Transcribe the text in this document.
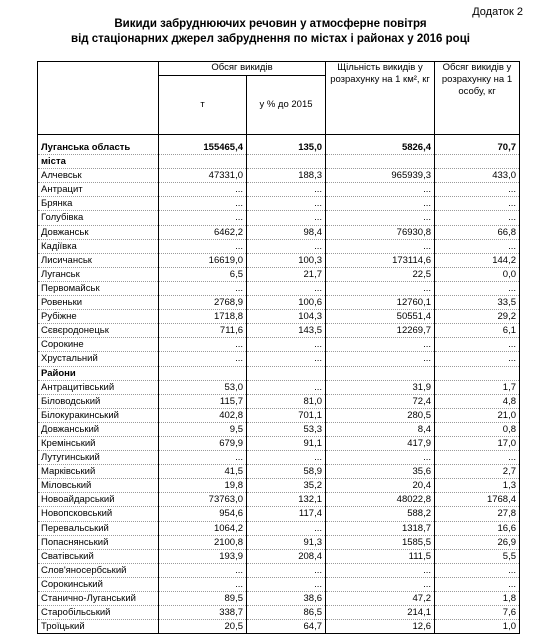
Додаток 2
Викиди забруднюючих речовин у атмосферне повітря
від стаціонарних джерел забруднення по містах і районах у 2016 році
	Обсяг викидів		Щільність викидів у розрахунку на 1 км², кг	Обсяг викидів у розрахунку на 1 особу, кг
	т	у % до 2015		
Луганська область	155465,4	135,0	5826,4	70,7
міста				
Алчевськ	47331,0	188,3	965939,3	433,0
Антрацит	...	...	...	...
Брянка	...	...	...	...
Голубівка	...	...	...	...
Довжанськ	6462,2	98,4	76930,8	66,8
Кадіївка	...	...	...	...
Лисичанськ	16619,0	100,3	173114,6	144,2
Луганськ	6,5	21,7	22,5	0,0
Первомайськ	...	...	...	...
Ровеньки	2768,9	100,6	12760,1	33,5
Рубіжне	1718,8	104,3	50551,4	29,2
Сєвєродонецьк	711,6	143,5	12269,7	6,1
Сорокине	...	...	...	...
Хрустальний	...	...	...	...
Райони				
Антрацитівський	53,0	...	31,9	1,7
Біловодський	115,7	81,0	72,4	4,8
Білокуракинський	402,8	701,1	280,5	21,0
Довжанський	9,5	53,3	8,4	0,8
Кремінський	679,9	91,1	417,9	17,0
Лутугинський	...	...	...	...
Марківський	41,5	58,9	35,6	2,7
Міловський	19,8	35,2	20,4	1,3
Новоайдарський	73763,0	132,1	48022,8	1768,4
Новопсковський	954,6	117,4	588,2	27,8
Перевальський	1064,2	...	1318,7	16,6
Попаснянський	2100,8	91,3	1585,5	26,9
Сватівський	193,9	208,4	111,5	5,5
Слов'яносербський	...	...	...	...
Сорокинський	...	...	...	...
Станично-Луганський	89,5	38,6	47,2	1,8
Старобільський	338,7	86,5	214,1	7,6
Троїцький	20,5	64,7	12,6	1,0
